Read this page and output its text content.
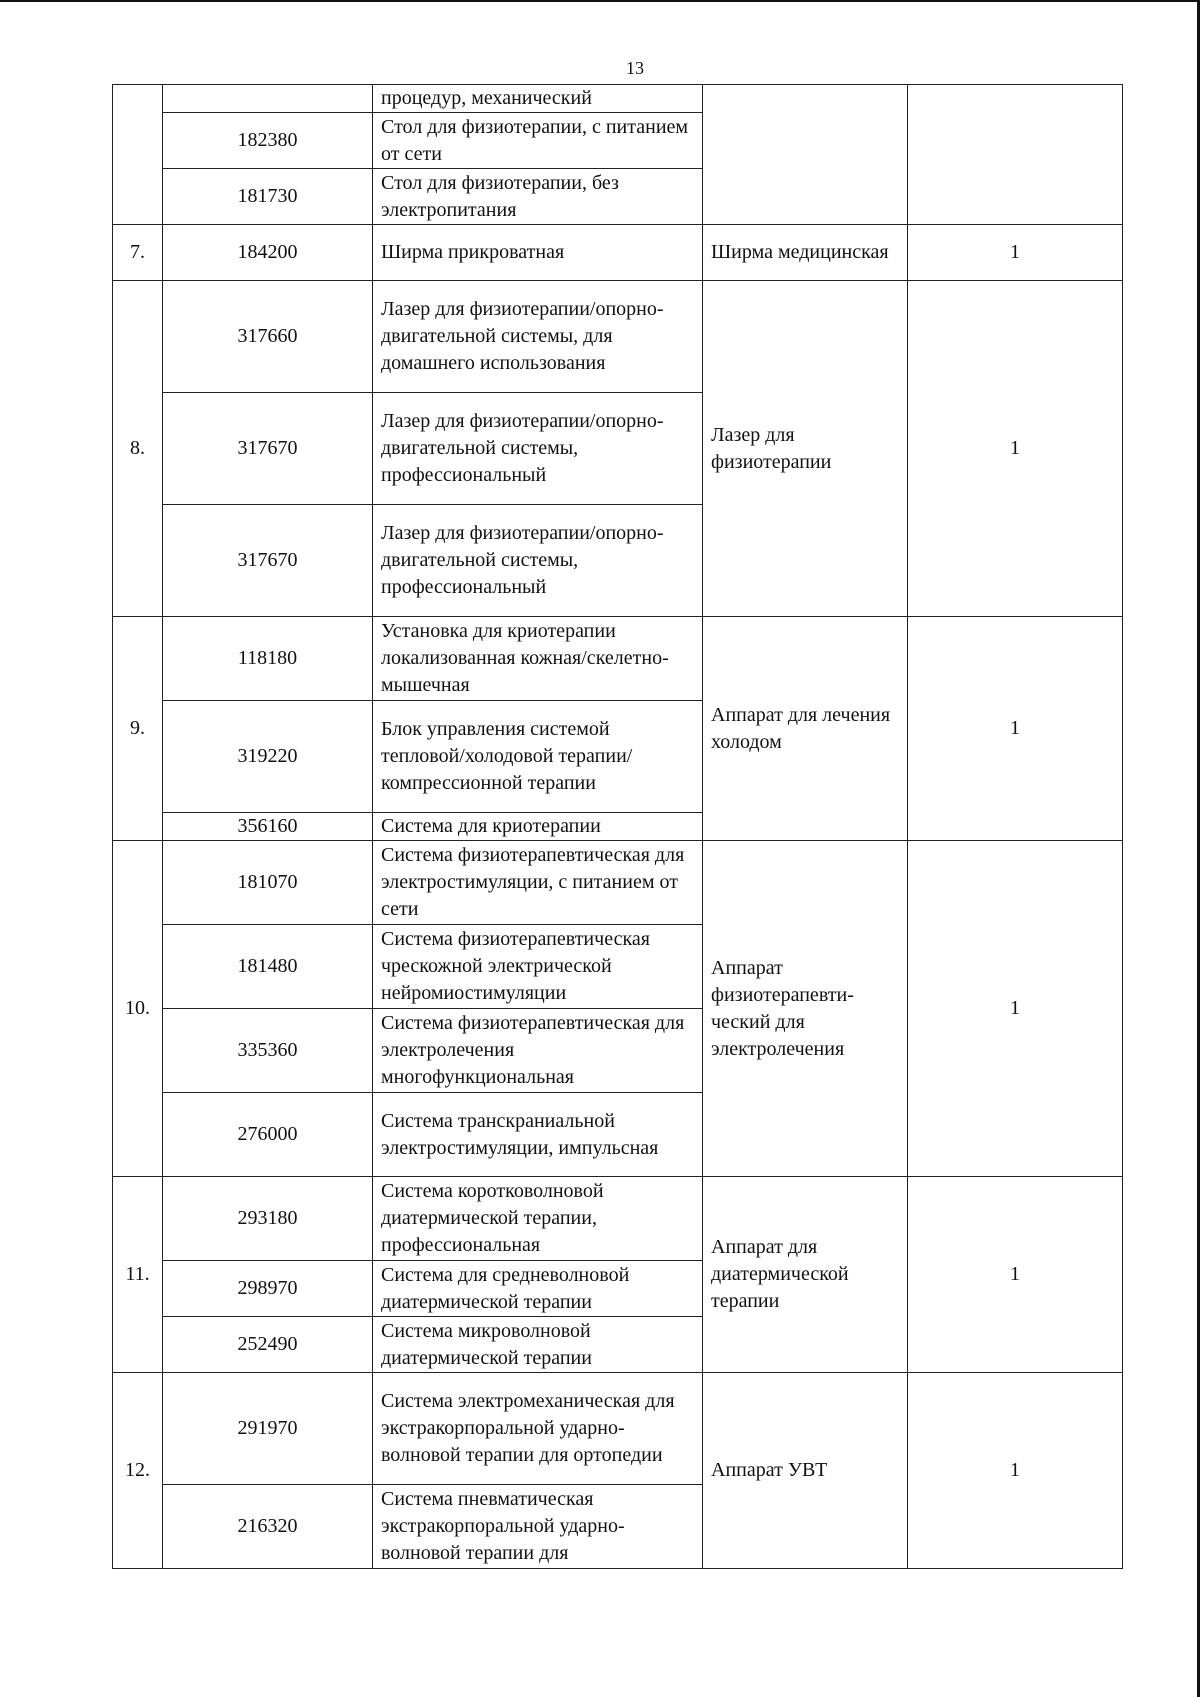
13
		процедур, механический		
	182380	Стол для физиотерапии, с питанием от сети		
	181730	Стол для физиотерапии, без электропитания		
7.	184200	Ширма прикроватная	Ширма медицинская	1
8.	317660	Лазер для физиотерапии/опорно-двигательной системы, для домашнего использования	Лазер для физиотерапии	1
	317670	Лазер для физиотерапии/опорно-двигательной системы, профессиональный		
	317670	Лазер для физиотерапии/опорно-двигательной системы, профессиональный		
9.	118180	Установка для криотерапии локализованная кожная/скелетно-мышечная	Аппарат для лечения холодом	1
	319220	Блок управления системой тепловой/холодовой терапии/компрессионной терапии		
	356160	Система для криотерапии		
10.	181070	Система физиотерапевтическая для электростимуляции, с питанием от сети	Аппарат физиотерапевти-ческий для электролечения	1
	181480	Система физиотерапевтическая чрескожной электрической нейромиостимуляции		
	335360	Система физиотерапевтическая для электролечения многофункциональная		
	276000	Система транскраниальной электростимуляции, импульсная		
11.	293180	Система коротковолновой диатермической терапии, профессиональная	Аппарат для диатермической терапии	1
	298970	Система для средневолновой диатермической терапии		
	252490	Система микроволновой диатермической терапии		
12.	291970	Система электромеханическая для экстракорпоральной ударно-волновой терапии для ортопедии	Аппарат УВТ	1
	216320	Система пневматическая экстракорпоральной ударно-волновой терапии для		
